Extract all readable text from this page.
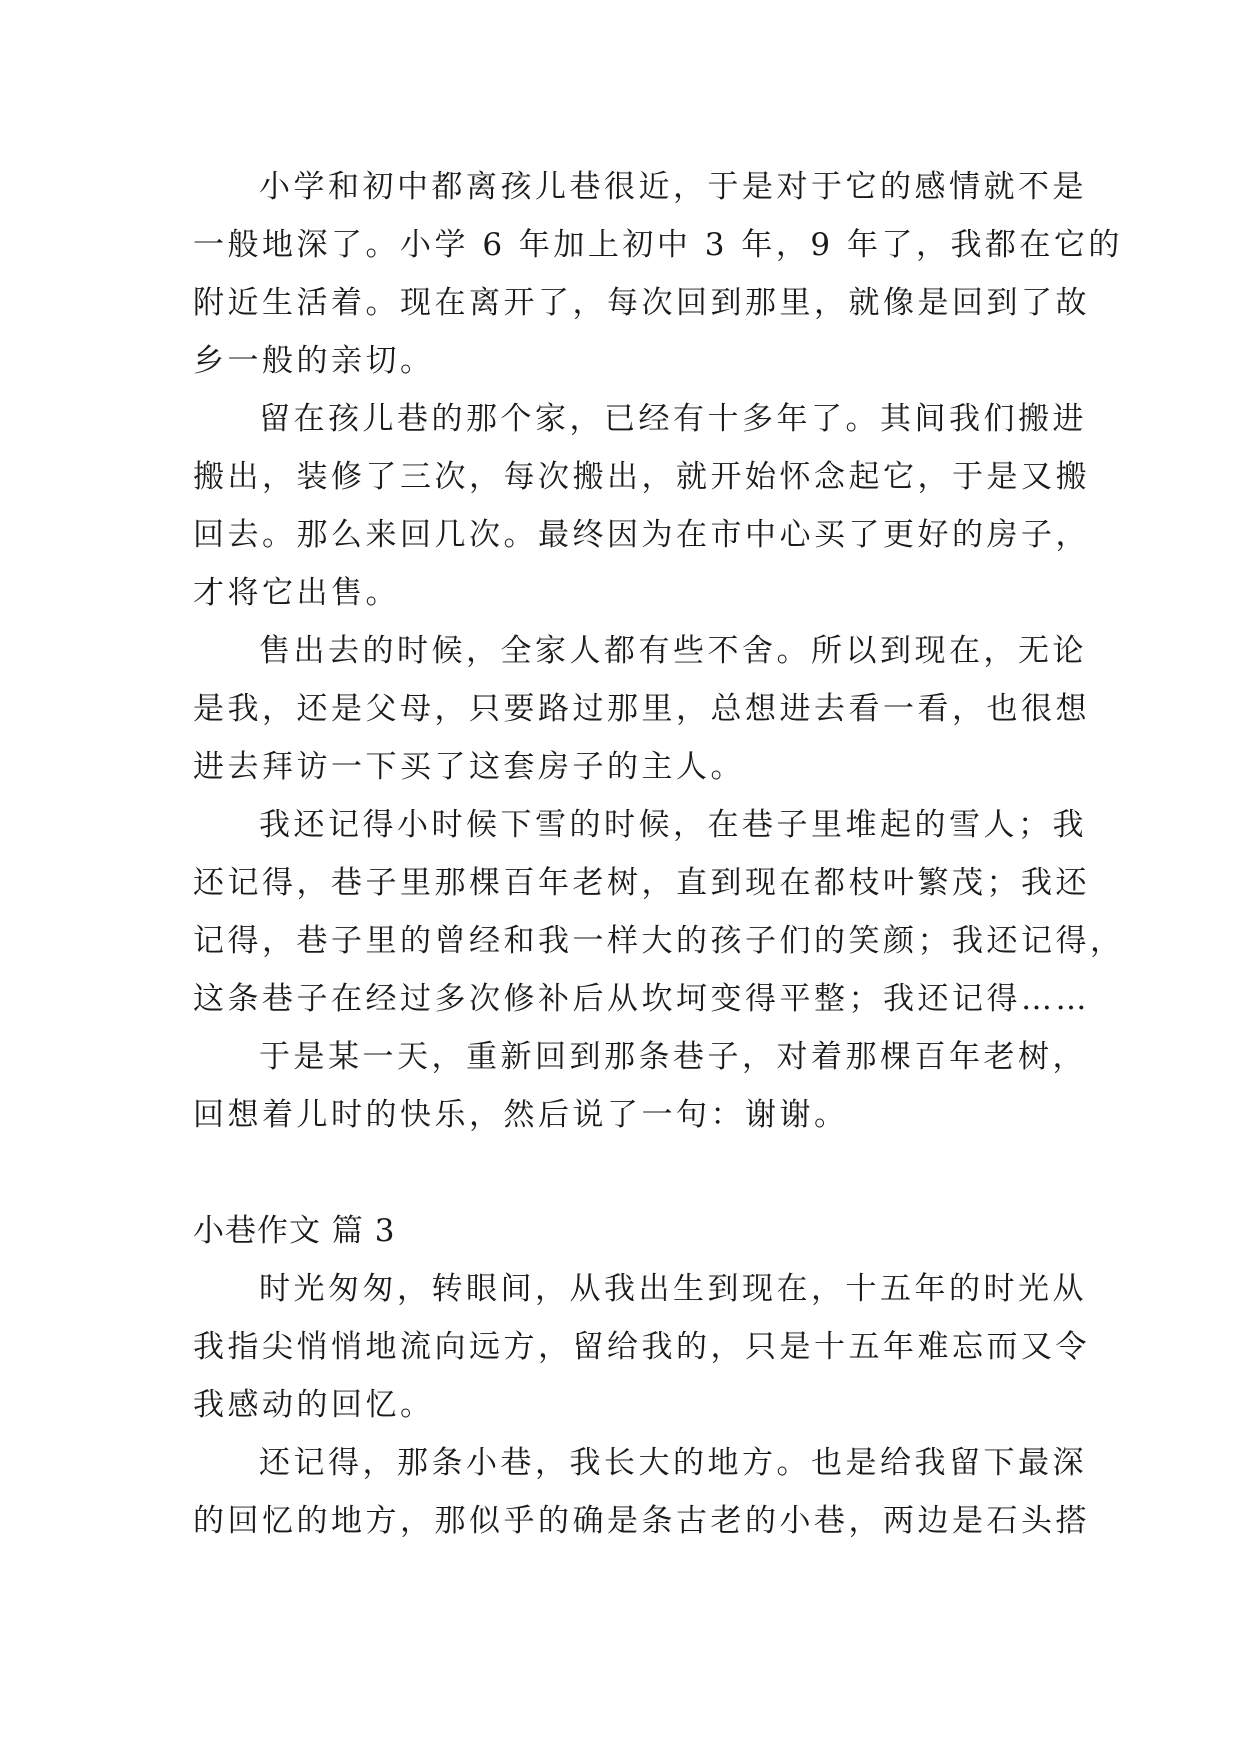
小学和初中都离孩儿巷很近，于是对于它的感情就不是
一般地深了。小学 6 年加上初中 3 年，9 年了，我都在它的
附近生活着。现在离开了，每次回到那里，就像是回到了故
乡一般的亲切。
留在孩儿巷的那个家，已经有十多年了。其间我们搬进
搬出，装修了三次，每次搬出，就开始怀念起它，于是又搬
回去。那么来回几次。最终因为在市中心买了更好的房子，
才将它出售。
售出去的时候，全家人都有些不舍。所以到现在，无论
是我，还是父母，只要路过那里，总想进去看一看，也很想
进去拜访一下买了这套房子的主人。
我还记得小时候下雪的时候，在巷子里堆起的雪人；我
还记得，巷子里那棵百年老树，直到现在都枝叶繁茂；我还
记得，巷子里的曾经和我一样大的孩子们的笑颜；我还记得，
这条巷子在经过多次修补后从坎坷变得平整；我还记得……
于是某一天，重新回到那条巷子，对着那棵百年老树，
回想着儿时的快乐，然后说了一句：谢谢。
小巷作文 篇 3
时光匆匆，转眼间，从我出生到现在，十五年的时光从
我指尖悄悄地流向远方，留给我的，只是十五年难忘而又令
我感动的回忆。
还记得，那条小巷，我长大的地方。也是给我留下最深
的回忆的地方，那似乎的确是条古老的小巷，两边是石头搭
